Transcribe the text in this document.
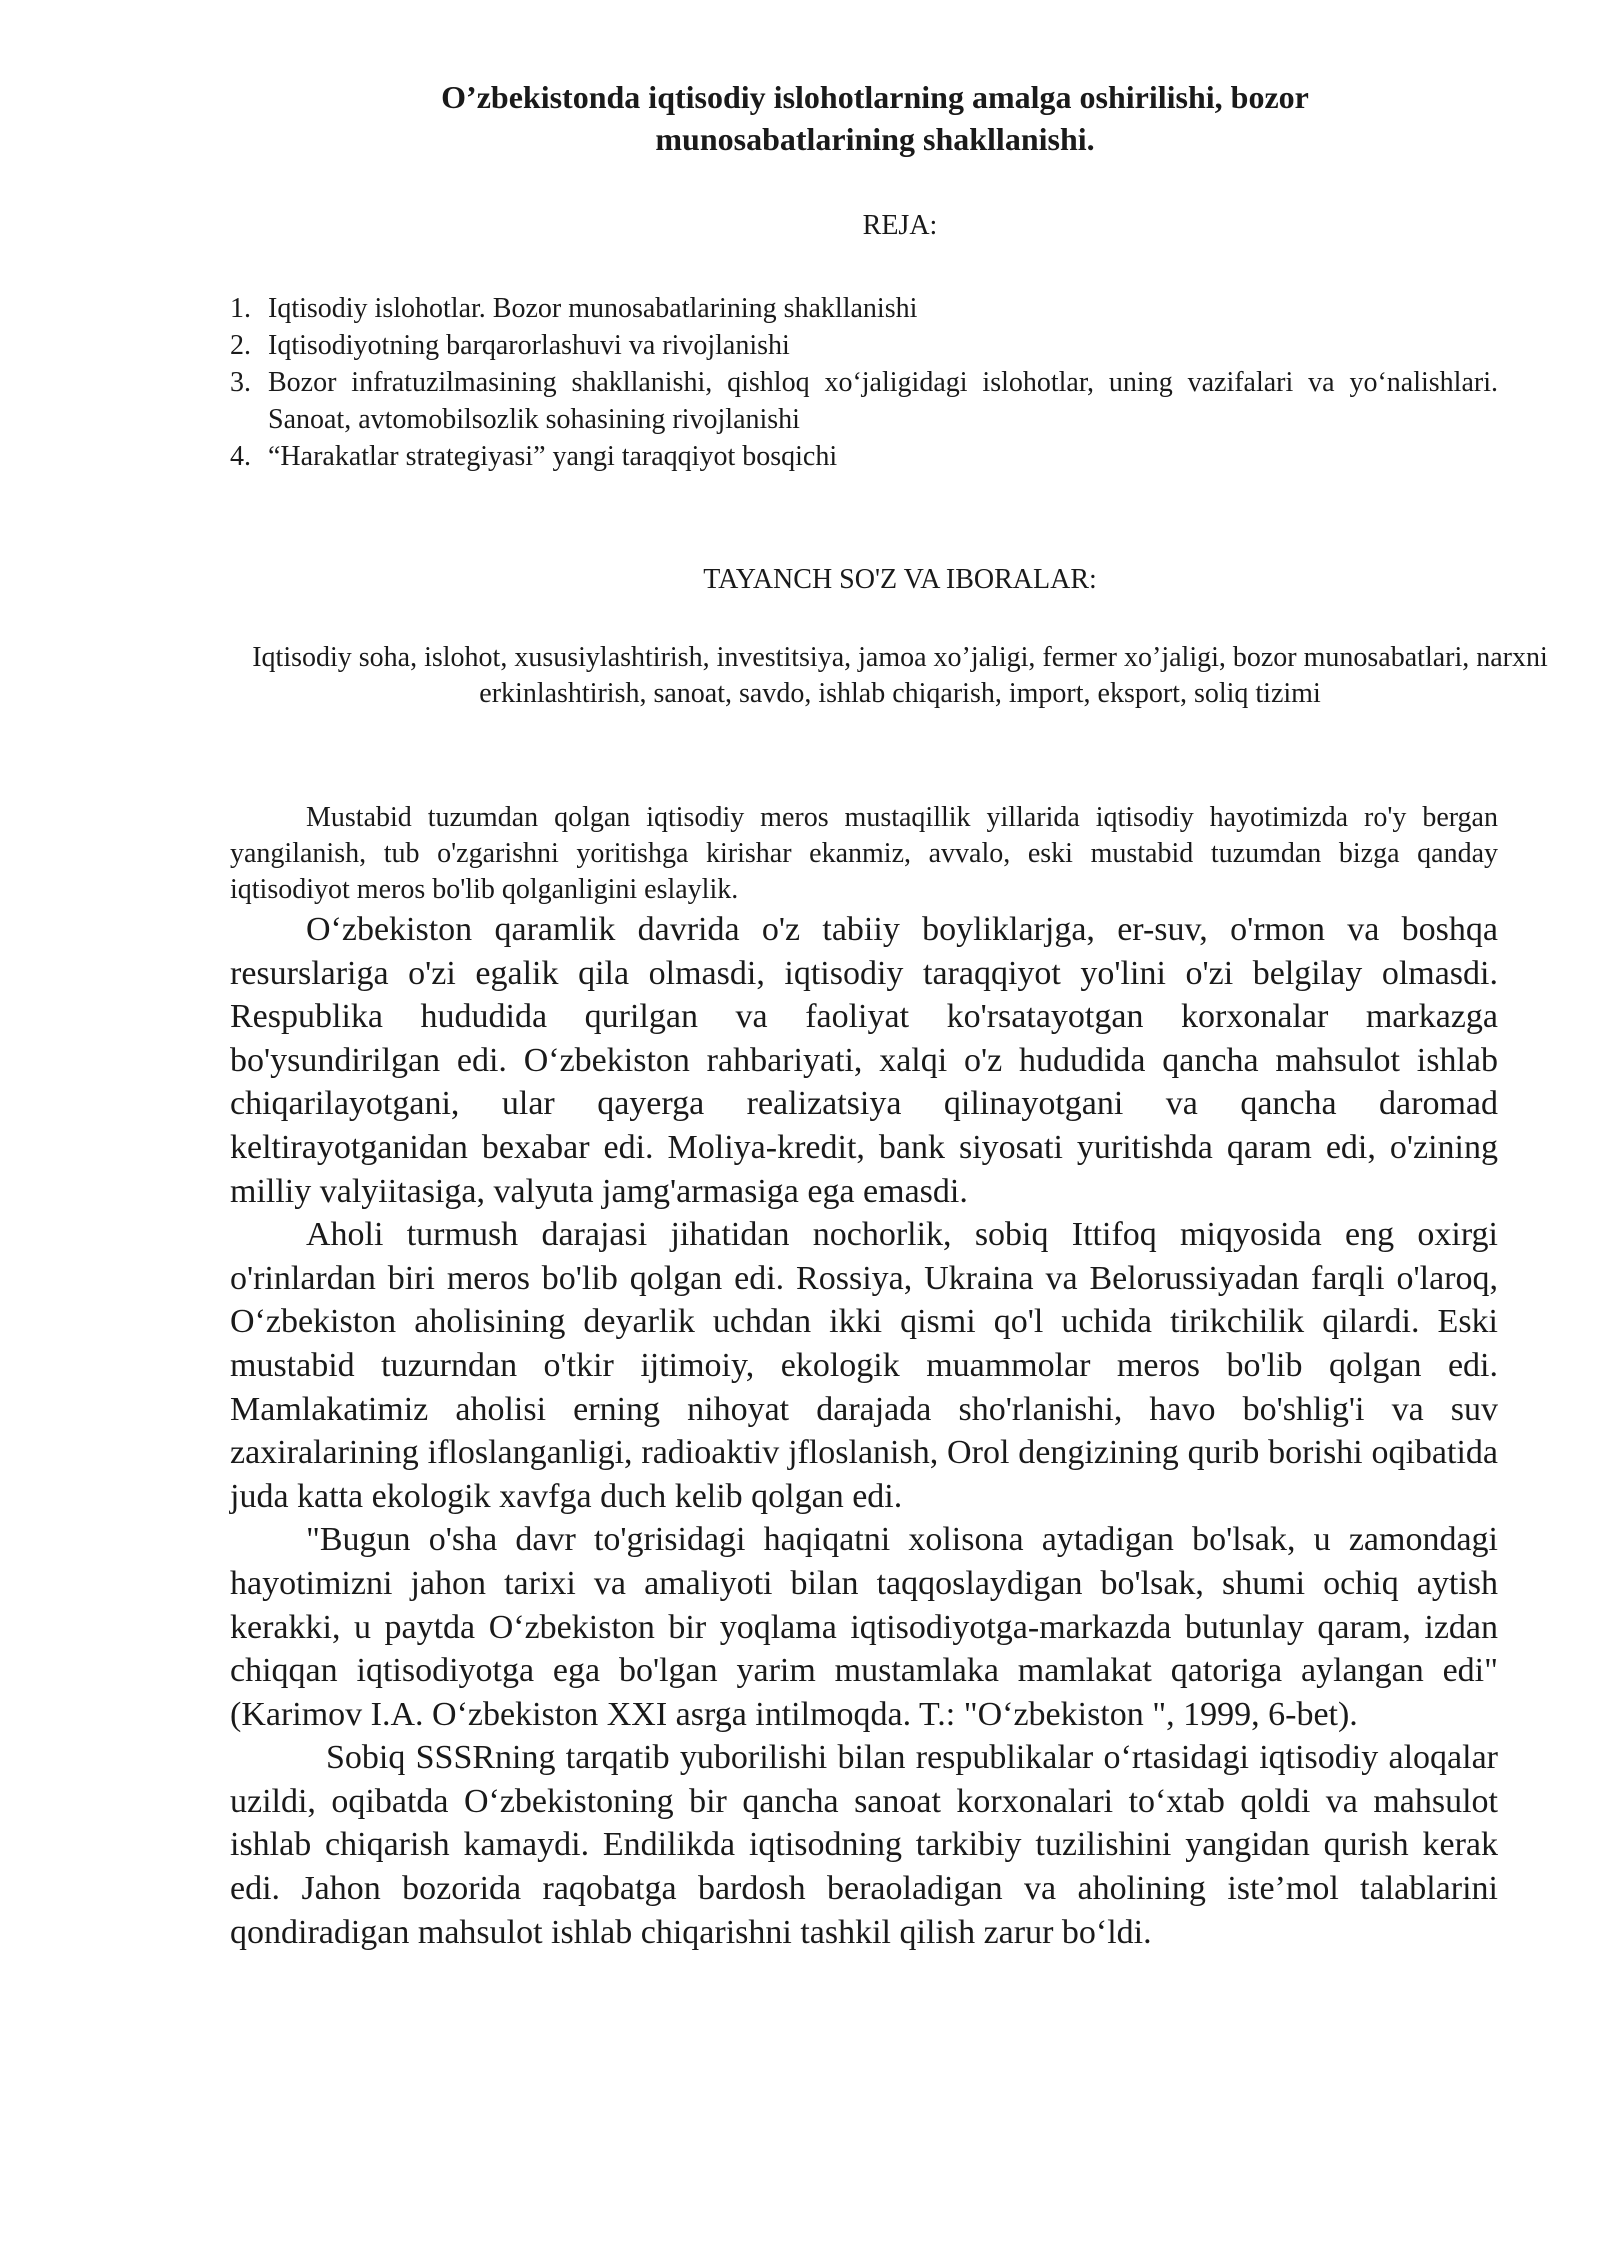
O’zbekistonda iqtisodiy islohotlarning amalga oshirilishi, bozor munosabatlarining shakllanishi.

REJA:

1. Iqtisodiy islohotlar. Bozor munosabatlarining shakllanishi
2. Iqtisodiyotning barqarorlashuvi va rivojlanishi
3. Bozor infratuzilmasining shakllanishi, qishloq xo‘jaligidagi islohotlar, uning vazifalari va yo‘nalishlari. Sanoat, avtomobilsozlik sohasining rivojlanishi
4. “Harakatlar strategiyasi” yangi taraqqiyot bosqichi

TAYANCH SO'Z VA IBORALAR:

Iqtisodiy soha, islohot, xususiylashtirish, investitsiya, jamoa xo’jaligi, fermer xo’jaligi, bozor munosabatlari, narxni erkinlashtirish, sanoat, savdo, ishlab chiqarish, import, eksport, soliq tizimi

Mustabid tuzumdan qolgan iqtisodiy meros mustaqillik yillarida iqtisodiy hayotimizda ro'y bergan yangilanish, tub o'zgarishni yoritishga kirishar ekanmiz, avvalo, eski mustabid tuzumdan bizga qanday iqtisodiyot meros bo'lib qolganligini eslaylik.

O‘zbekiston qaramlik davrida o'z tabiiy boyliklarjga, er-suv, o'rmon va boshqa resurslariga o'zi egalik qila olmasdi, iqtisodiy taraqqiyot yo'lini o'zi belgilay olmasdi. Respublika hududida qurilgan va faoliyat ko'rsatayotgan korxonalar markazga bo'ysundirilgan edi. O‘zbekiston rahbariyati, xalqi o'z hududida qancha mahsulot ishlab chiqarilayotgani, ular qayerga realizatsiya qilinayotgani va qancha daromad keltirayotganidan bexabar edi. Moliya-kredit, bank siyosati yuritishda qaram edi, o'zining milliy valyiitasiga, valyuta jamg'armasiga ega emasdi.

Aholi turmush darajasi jihatidan nochorlik, sobiq Ittifoq miqyosida eng oxirgi o'rinlardan biri meros bo'lib qolgan edi. Rossiya, Ukraina va Belorussiyadan farqli o'laroq, O‘zbekiston aholisining deyarlik uchdan ikki qismi qo'l uchida tirikchilik qilardi. Eski mustabid tuzurndan o'tkir ijtimoiy, ekologik muammolar meros bo'lib qolgan edi. Mamlakatimiz aholisi erning nihoyat darajada sho'rlanishi, havo bo'shlig'i va suv zaxiralarining ifloslanganligi, radioaktiv jfloslanish, Orol dengizining qurib borishi oqibatida juda katta ekologik xavfga duch kelib qolgan edi.

"Bugun o'sha davr to'grisidagi haqiqatni xolisona aytadigan bo'lsak, u zamondagi hayotimizni jahon tarixi va amaliyoti bilan taqqoslaydigan bo'lsak, shumi ochiq aytish kerakki, u paytda O‘zbekiston bir yoqlama iqtisodiyotga-markazda butunlay qaram, izdan chiqqan iqtisodiyotga ega bo'lgan yarim mustamlaka mamlakat qatoriga aylangan edi" (Karimov I.A. O‘zbekiston XXI asrga intilmoqda. T.: "O‘zbekiston ", 1999, 6-bet).

Sobiq SSSRning tarqatib yuborilishi bilan respublikalar o‘rtasidagi iqtisodiy aloqalar uzildi, oqibatda O‘zbekistoning bir qancha sanoat korxonalari to‘xtab qoldi va mahsulot ishlab chiqarish kamaydi. Endilikda iqtisodning tarkibiy tuzilishini yangidan qurish kerak edi. Jahon bozorida raqobatga bardosh beraoladigan va aholining iste’mol talablarini qondiradigan mahsulot ishlab chiqarishni tashkil qilish zarur bo‘ldi.
